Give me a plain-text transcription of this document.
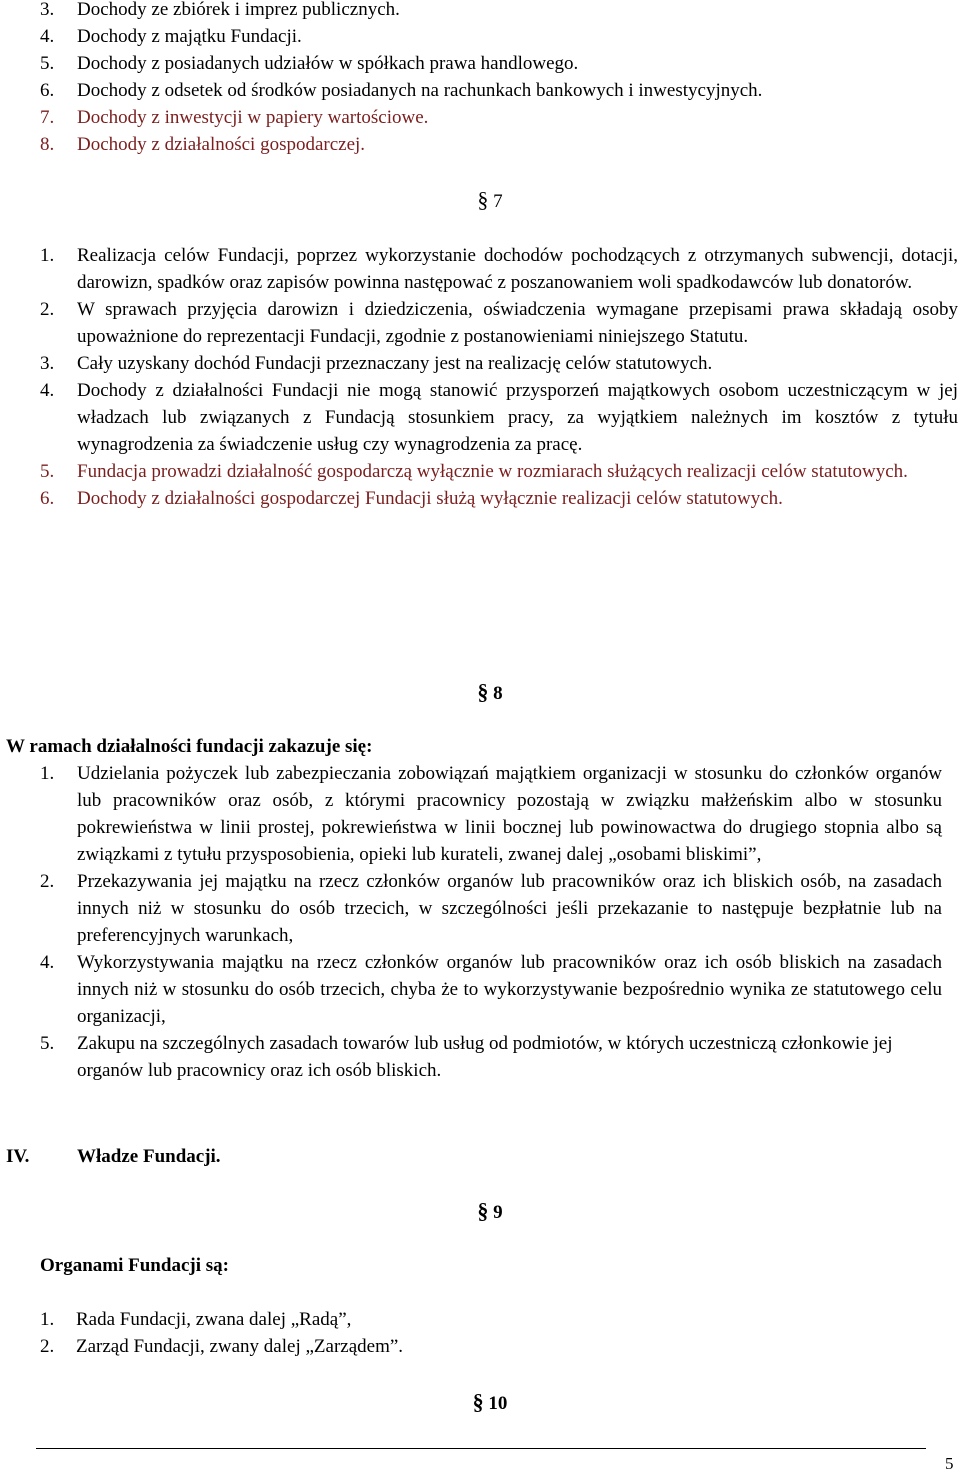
3. Dochody ze zbiórek i imprez publicznych.
4. Dochody z majątku Fundacji.
5. Dochody z posiadanych udziałów w spółkach prawa handlowego.
6. Dochody z odsetek od środków posiadanych na rachunkach bankowych i inwestycyjnych.
7. Dochody z inwestycji w papiery wartościowe.
8. Dochody z działalności gospodarczej.
§ 7
1. Realizacja celów Fundacji, poprzez wykorzystanie dochodów pochodzących z otrzymanych subwencji, dotacji, darowizn, spadków oraz zapisów powinna następować z poszanowaniem woli spadkodawców lub donatorów.
2. W sprawach przyjęcia darowizn i dziedziczenia, oświadczenia wymagane przepisami prawa składają osoby upoważnione do reprezentacji Fundacji, zgodnie z postanowieniami niniejszego Statutu.
3. Cały uzyskany dochód Fundacji przeznaczany jest na realizację celów statutowych.
4. Dochody z działalności Fundacji nie mogą stanowić przysporzeń majątkowych osobom uczestniczącym w jej władzach lub związanych z Fundacją stosunkiem pracy, za wyjątkiem należnych im kosztów z tytułu wynagrodzenia za świadczenie usług czy wynagrodzenia za pracę.
5. Fundacja prowadzi działalność gospodarczą wyłącznie w rozmiarach służących realizacji celów statutowych.
6. Dochody z działalności gospodarczej Fundacji służą wyłącznie realizacji celów statutowych.
§ 8
W ramach działalności fundacji zakazuje się:
1. Udzielania pożyczek lub zabezpieczania zobowiązań majątkiem organizacji w stosunku do członków organów lub pracowników oraz osób, z którymi pracownicy pozostają w związku małżeńskim albo w stosunku pokrewieństwa w linii prostej, pokrewieństwa w linii bocznej lub powinowactwa do drugiego stopnia albo są związkami z tytułu przysposobienia, opieki lub kurateli, zwanej dalej „osobami bliskimi”,
2. Przekazywania jej majątku na rzecz członków organów lub pracowników oraz ich bliskich osób, na zasadach innych niż w stosunku do osób trzecich, w szczególności jeśli przekazanie to następuje bezpłatnie lub na preferencyjnych warunkach,
4. Wykorzystywania majątku na rzecz członków organów lub pracowników oraz ich osób bliskich na zasadach innych niż w stosunku do osób trzecich, chyba że to wykorzystywanie bezpośrednio wynika ze statutowego celu organizacji,
5. Zakupu na szczególnych zasadach towarów lub usług od podmiotów, w których uczestniczą członkowie jej organów lub pracownicy oraz ich osób bliskich.
IV.	Władze Fundacji.
§ 9
Organami Fundacji są:
1. Rada Fundacji, zwana dalej „Radą”,
2. Zarząd Fundacji, zwany dalej „Zarządem”.
§ 10
5
